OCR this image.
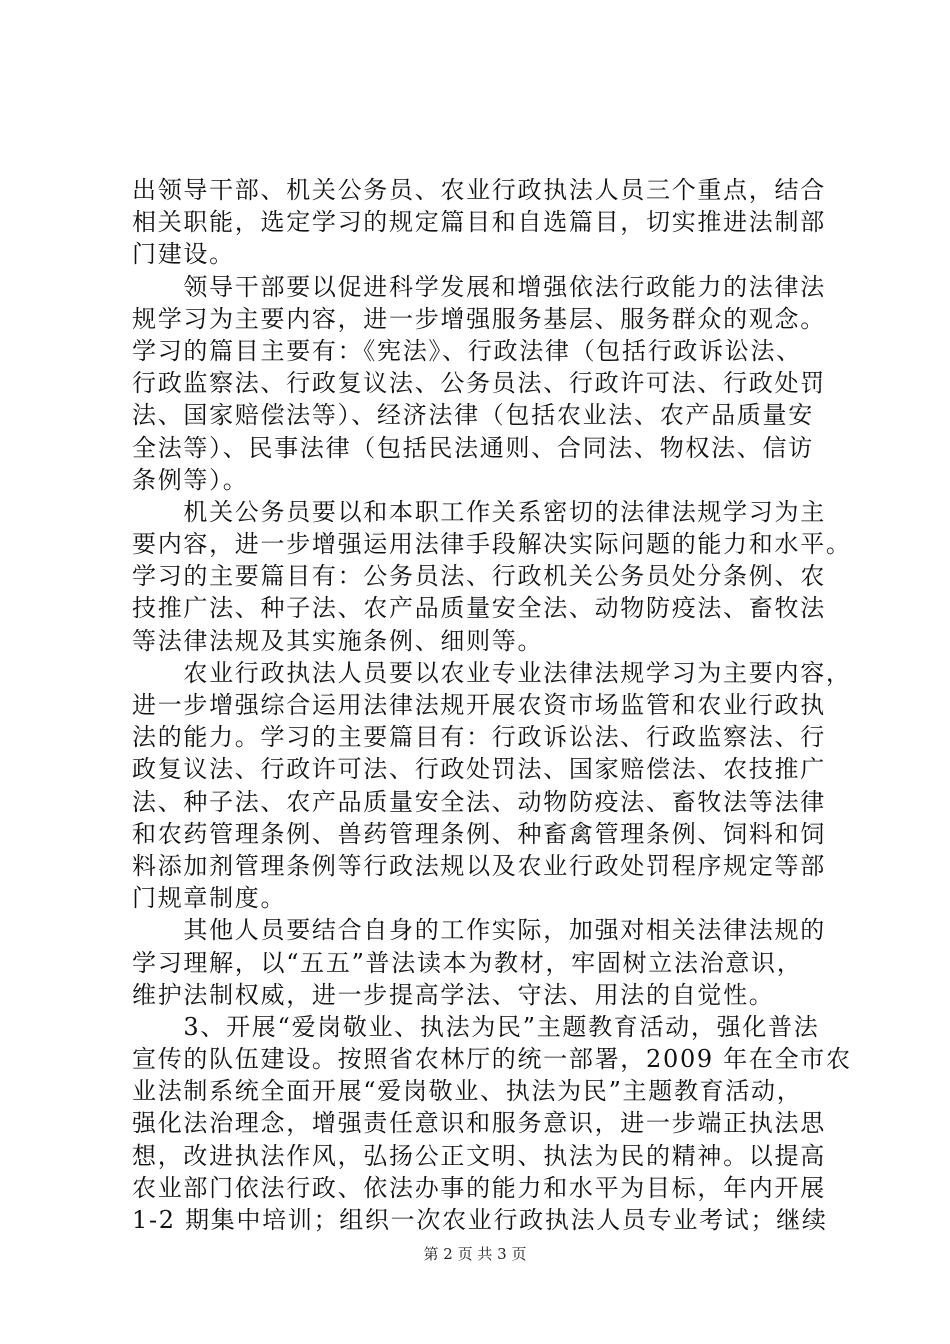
出领导干部、机关公务员、农业行政执法人员三个重点，结合
相关职能，选定学习的规定篇目和自选篇目，切实推进法制部
门建设。
　　领导干部要以促进科学发展和增强依法行政能力的法律法
规学习为主要内容，进一步增强服务基层、服务群众的观念。
学习的篇目主要有：《宪法》、行政法律（包括行政诉讼法、
行政监察法、行政复议法、公务员法、行政许可法、行政处罚
法、国家赔偿法等）、经济法律（包括农业法、农产品质量安
全法等）、民事法律（包括民法通则、合同法、物权法、信访
条例等）。
　　机关公务员要以和本职工作关系密切的法律法规学习为主
要内容，进一步增强运用法律手段解决实际问题的能力和水平。
学习的主要篇目有：公务员法、行政机关公务员处分条例、农
技推广法、种子法、农产品质量安全法、动物防疫法、畜牧法
等法律法规及其实施条例、细则等。
　　农业行政执法人员要以农业专业法律法规学习为主要内容，
进一步增强综合运用法律法规开展农资市场监管和农业行政执
法的能力。学习的主要篇目有：行政诉讼法、行政监察法、行
政复议法、行政许可法、行政处罚法、国家赔偿法、农技推广
法、种子法、农产品质量安全法、动物防疫法、畜牧法等法律
和农药管理条例、兽药管理条例、种畜禽管理条例、饲料和饲
料添加剂管理条例等行政法规以及农业行政处罚程序规定等部
门规章制度。
　　其他人员要结合自身的工作实际，加强对相关法律法规的
学习理解，以“五五”普法读本为教材，牢固树立法治意识，
维护法制权威，进一步提高学法、守法、用法的自觉性。
　　3、开展“爱岗敬业、执法为民”主题教育活动，强化普法
宣传的队伍建设。按照省农林厅的统一部署，2009 年在全市农
业法制系统全面开展“爱岗敬业、执法为民”主题教育活动，
强化法治理念，增强责任意识和服务意识，进一步端正执法思
想，改进执法作风，弘扬公正文明、执法为民的精神。以提高
农业部门依法行政、依法办事的能力和水平为目标，年内开展
1-2 期集中培训；组织一次农业行政执法人员专业考试；继续
第 2 页 共 3 页
